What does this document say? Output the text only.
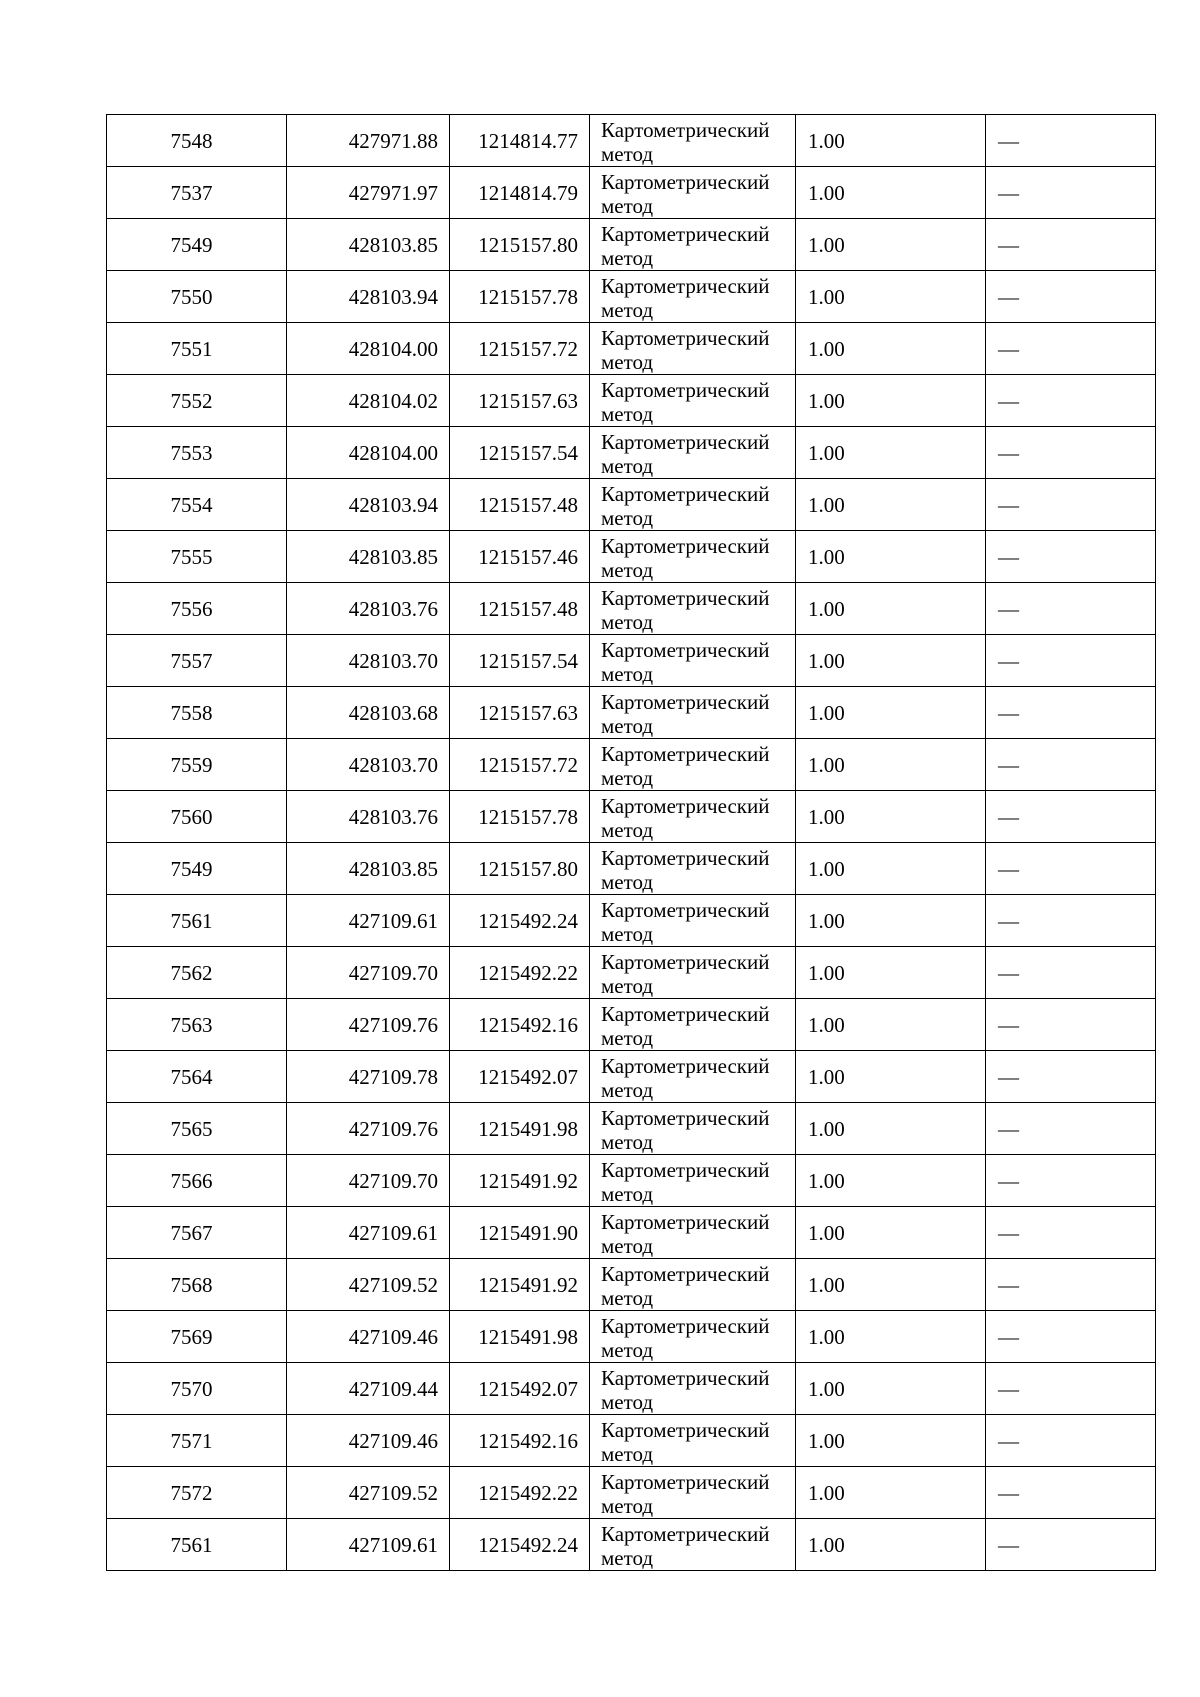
7548	427971.88	1214814.77	Картометрический метод	1.00	—
7537	427971.97	1214814.79	Картометрический метод	1.00	—
7549	428103.85	1215157.80	Картометрический метод	1.00	—
7550	428103.94	1215157.78	Картометрический метод	1.00	—
7551	428104.00	1215157.72	Картометрический метод	1.00	—
7552	428104.02	1215157.63	Картометрический метод	1.00	—
7553	428104.00	1215157.54	Картометрический метод	1.00	—
7554	428103.94	1215157.48	Картометрический метод	1.00	—
7555	428103.85	1215157.46	Картометрический метод	1.00	—
7556	428103.76	1215157.48	Картометрический метод	1.00	—
7557	428103.70	1215157.54	Картометрический метод	1.00	—
7558	428103.68	1215157.63	Картометрический метод	1.00	—
7559	428103.70	1215157.72	Картометрический метод	1.00	—
7560	428103.76	1215157.78	Картометрический метод	1.00	—
7549	428103.85	1215157.80	Картометрический метод	1.00	—
7561	427109.61	1215492.24	Картометрический метод	1.00	—
7562	427109.70	1215492.22	Картометрический метод	1.00	—
7563	427109.76	1215492.16	Картометрический метод	1.00	—
7564	427109.78	1215492.07	Картометрический метод	1.00	—
7565	427109.76	1215491.98	Картометрический метод	1.00	—
7566	427109.70	1215491.92	Картометрический метод	1.00	—
7567	427109.61	1215491.90	Картометрический метод	1.00	—
7568	427109.52	1215491.92	Картометрический метод	1.00	—
7569	427109.46	1215491.98	Картометрический метод	1.00	—
7570	427109.44	1215492.07	Картометрический метод	1.00	—
7571	427109.46	1215492.16	Картометрический метод	1.00	—
7572	427109.52	1215492.22	Картометрический метод	1.00	—
7561	427109.61	1215492.24	Картометрический метод	1.00	—
